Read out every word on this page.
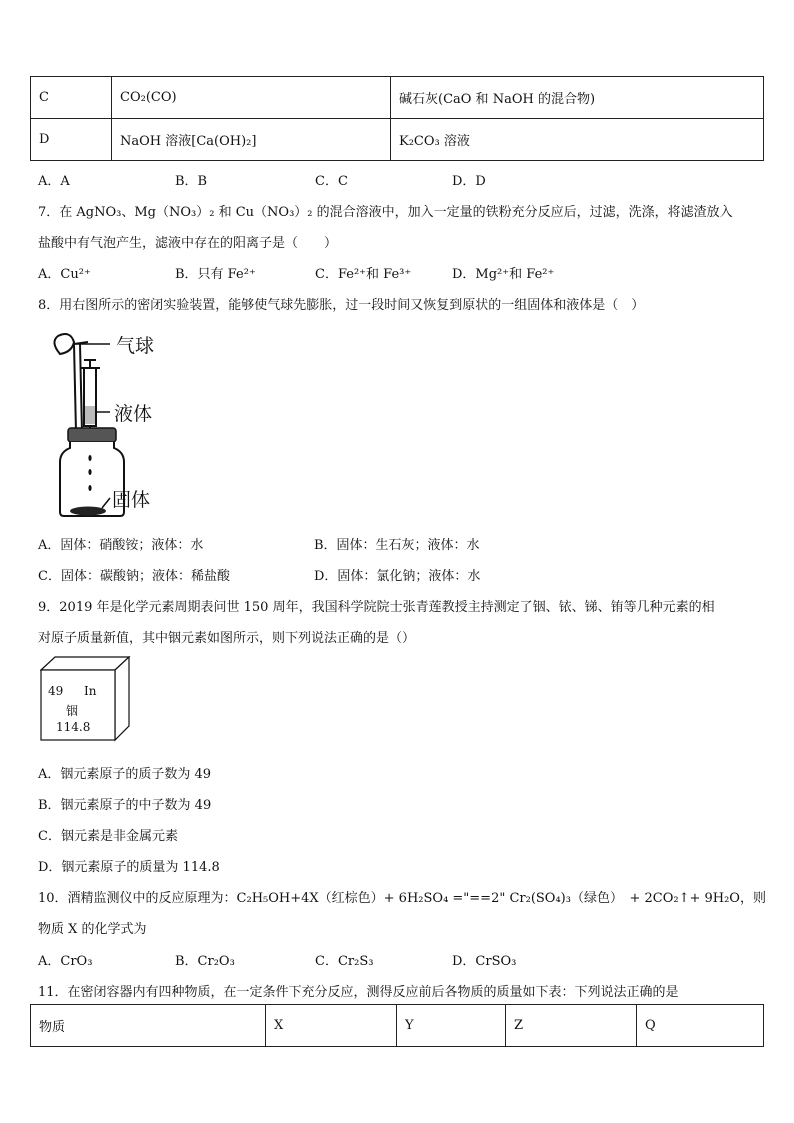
C	CO₂(CO)	碱石灰(CaO 和 NaOH 的混合物)
D	NaOH 溶液[Ca(OH)₂]	K₂CO₃ 溶液
A．A	B．B	C．C	D．D
7．在 AgNO₃、Mg（NO₃）₂ 和 Cu（NO₃）₂ 的混合溶液中，加入一定量的铁粉充分反应后，过滤，洗涤，将滤渣放入
盐酸中有气泡产生，滤液中存在的阳离子是（　　）
A．Cu²⁺	B．只有 Fe²⁺	C．Fe²⁺和 Fe³⁺	D．Mg²⁺和 Fe²⁺
8．用右图所示的密闭实验装置，能够使气球先膨胀，过一段时间又恢复到原状的一组固体和液体是（　）
气球
液体
固体
A．固体：硝酸铵；液体：水	B．固体：生石灰；液体：水
C．固体：碳酸钠；液体：稀盐酸	D．固体：氯化钠；液体：水
9．2019 年是化学元素周期表问世 150 周年，我国科学院院士张青莲教授主持测定了铟、铱、锑、铕等几种元素的相
对原子质量新值，其中铟元素如图所示，则下列说法正确的是（）
49 In
铟
114.8
A．铟元素原子的质子数为 49
B．铟元素原子的中子数为 49
C．铟元素是非金属元素
D．铟元素原子的质量为 114.8
10．酒精监测仪中的反应原理为：C₂H₅OH+4X（红棕色）+ 6H₂SO₄ ="==2" Cr₂(SO₄)₃（绿色）　+ 2CO₂↑+ 9H₂O，则
物质 X 的化学式为
A．CrO₃	B．Cr₂O₃	C．Cr₂S₃	D．CrSO₃
11．在密闭容器内有四种物质，在一定条件下充分反应，测得反应前后各物质的质量如下表：下列说法正确的是
物质	X	Y	Z	Q
